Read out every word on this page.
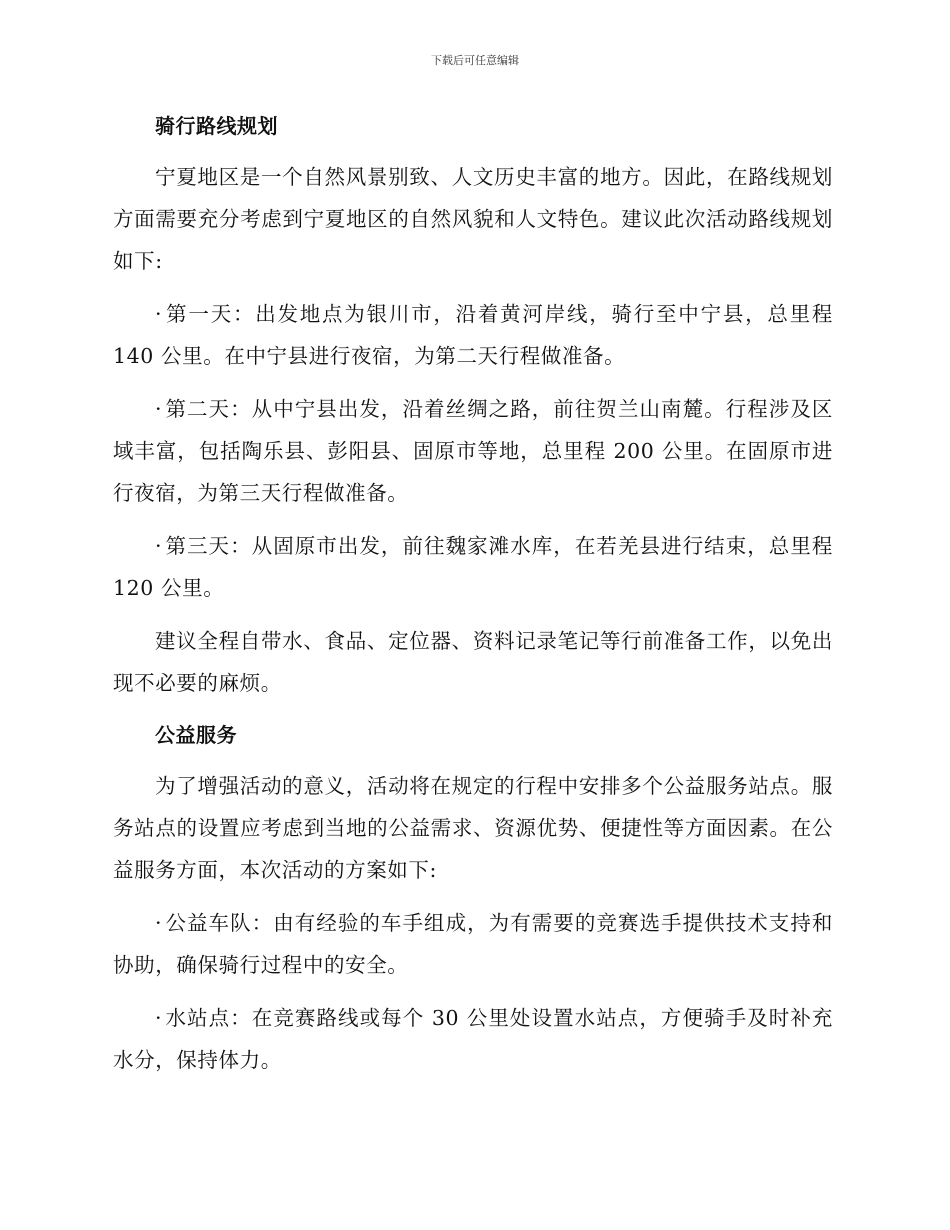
下载后可任意编辑
骑行路线规划

宁夏地区是一个自然风景别致、人文历史丰富的地方。因此，在路线规划方面需要充分考虑到宁夏地区的自然风貌和人文特色。建议此次活动路线规划如下:

· 第一天：出发地点为银川市，沿着黄河岸线，骑行至中宁县，总里程 140 公里。在中宁县进行夜宿，为第二天行程做准备。

· 第二天：从中宁县出发，沿着丝绸之路，前往贺兰山南麓。行程涉及区域丰富，包括陶乐县、彭阳县、固原市等地，总里程 200 公里。在固原市进行夜宿，为第三天行程做准备。

· 第三天：从固原市出发，前往魏家滩水库，在若羌县进行结束，总里程 120 公里。

建议全程自带水、食品、定位器、资料记录笔记等行前准备工作，以免出现不必要的麻烦。

公益服务

为了增强活动的意义，活动将在规定的行程中安排多个公益服务站点。服务站点的设置应考虑到当地的公益需求、资源优势、便捷性等方面因素。在公益服务方面，本次活动的方案如下:

· 公益车队：由有经验的车手组成，为有需要的竞赛选手提供技术支持和协助，确保骑行过程中的安全。

· 水站点：在竞赛路线或每个 30 公里处设置水站点，方便骑手及时补充水分，保持体力。
